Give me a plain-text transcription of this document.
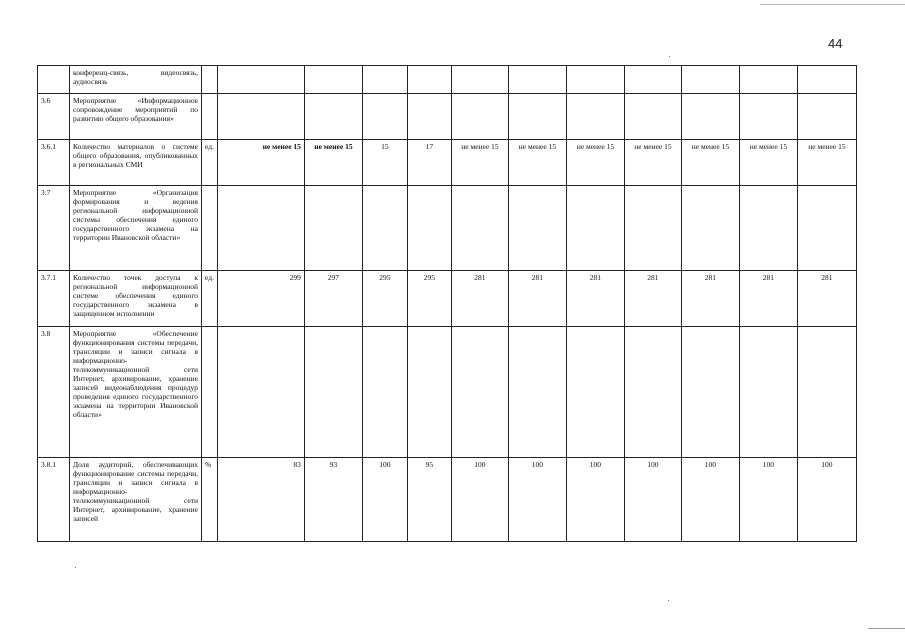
44
	конференц-связь, видеосвязь, аудиосвязь												
3.6	Мероприятие «Информационное сопровождение мероприятий по развитию общего образования»												
3.6.1	Количество материалов о системе общего образования, опубликованных в региональных СМИ	ед.	не менее 15	не менее 15	15	17	не менее 15	не менее 15	не менее 15	не менее 15	не менее 15	не менее 15	не менее 15
3.7	Мероприятие «Организация формирования и ведения региональной информационной системы обеспечения единого государственного экзамена на территории Ивановской области»												
3.7.1	Количество точек доступа к региональной информационной системе обеспечения единого государственного экзамена в защищенном исполнении	ед.	299	297	295	295	281	281	281	281	281	281	281
3.8	Мероприятие «Обеспечение функционирования системы передачи, трансляции и записи сигнала в информационно-телекоммуникационной сети Интернет, архивирование, хранение записей видеонаблюдения процедур проведения единого государственного экзамена на территории Ивановской области»												
3.8.1	Доля аудиторий, обеспечивающих функционирование системы передачи, трансляции и записи сигнала в информационно-телекоммуникационной сети Интернет, архивирование, хранение записей	%	83	93	100	95	100	100	100	100	100	100	100
